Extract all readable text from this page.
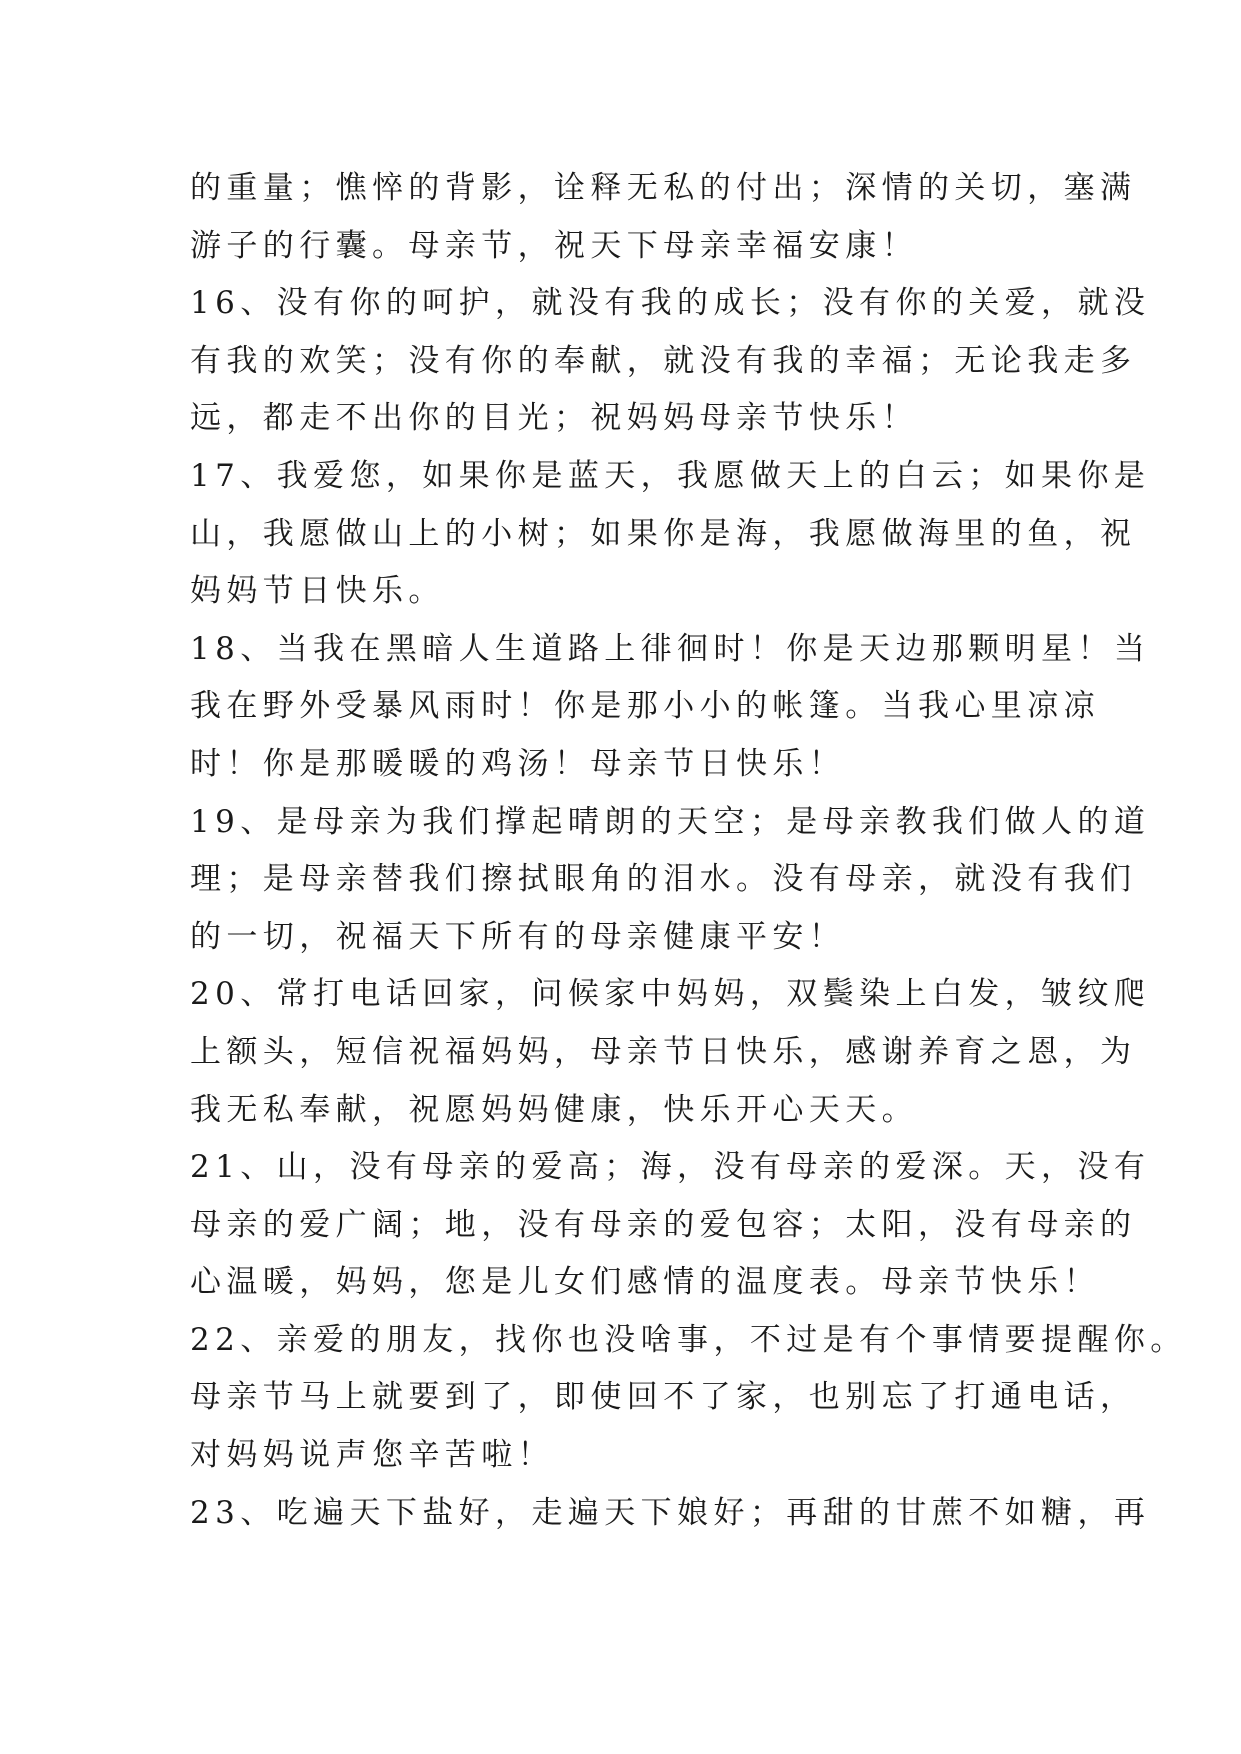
的重量；憔悴的背影，诠释无私的付出；深情的关切，塞满
游子的行囊。母亲节，祝天下母亲幸福安康！
16、没有你的呵护，就没有我的成长；没有你的关爱，就没
有我的欢笑；没有你的奉献，就没有我的幸福；无论我走多
远，都走不出你的目光；祝妈妈母亲节快乐！
17、我爱您，如果你是蓝天，我愿做天上的白云；如果你是
山，我愿做山上的小树；如果你是海，我愿做海里的鱼，祝
妈妈节日快乐。
18、当我在黑暗人生道路上徘徊时！你是天边那颗明星！当
我在野外受暴风雨时！你是那小小的帐篷。当我心里凉凉
时！你是那暖暖的鸡汤！母亲节日快乐！
19、是母亲为我们撑起晴朗的天空；是母亲教我们做人的道
理；是母亲替我们擦拭眼角的泪水。没有母亲，就没有我们
的一切，祝福天下所有的母亲健康平安！
20、常打电话回家，问候家中妈妈，双鬓染上白发，皱纹爬
上额头，短信祝福妈妈，母亲节日快乐，感谢养育之恩，为
我无私奉献，祝愿妈妈健康，快乐开心天天。
21、山，没有母亲的爱高；海，没有母亲的爱深。天，没有
母亲的爱广阔；地，没有母亲的爱包容；太阳，没有母亲的
心温暖，妈妈，您是儿女们感情的温度表。母亲节快乐！
22、亲爱的朋友，找你也没啥事，不过是有个事情要提醒你。
母亲节马上就要到了，即使回不了家，也别忘了打通电话，
对妈妈说声您辛苦啦！
23、吃遍天下盐好，走遍天下娘好；再甜的甘蔗不如糖，再
